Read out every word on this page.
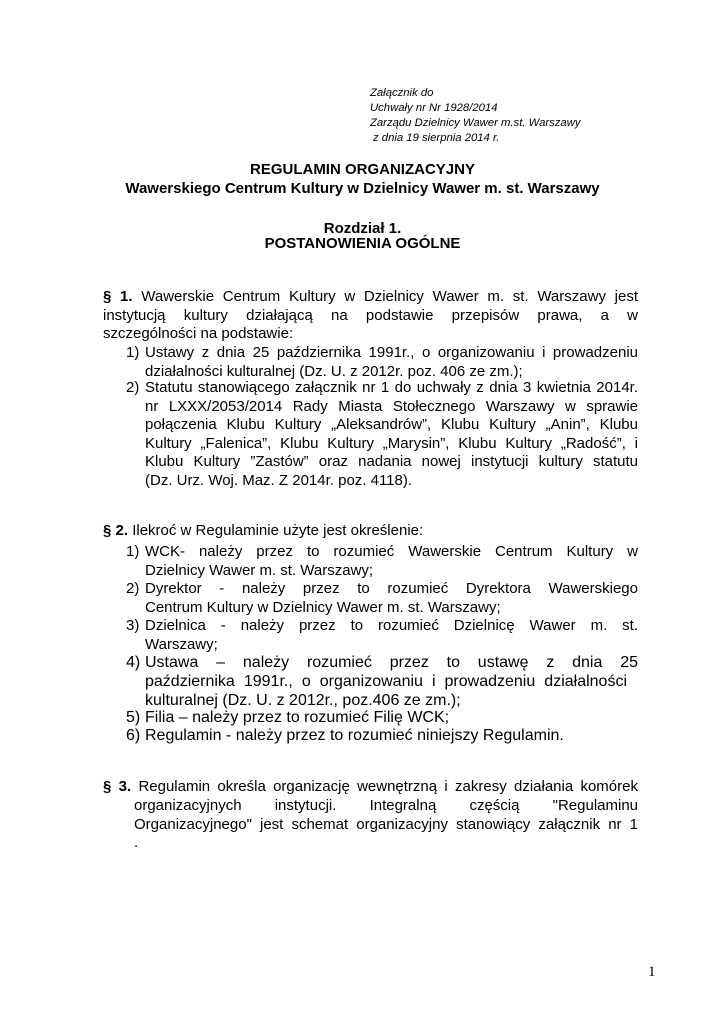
Załącznik do
Uchwały nr Nr 1928/2014
Zarządu Dzielnicy Wawer m.st. Warszawy
z dnia 19 sierpnia 2014 r.
REGULAMIN ORGANIZACYJNY
Wawerskiego Centrum Kultury w Dzielnicy Wawer m. st. Warszawy
Rozdział 1.
POSTANOWIENIA OGÓLNE
§ 1. Wawerskie Centrum Kultury w Dzielnicy Wawer m. st. Warszawy jest
instytucją kultury działającą na podstawie przepisów prawa, a w
szczególności na podstawie:
1) Ustawy z dnia 25 października 1991r., o organizowaniu i prowadzeniu
działalności kulturalnej (Dz. U. z 2012r. poz. 406 ze zm.);
2) Statutu stanowiącego załącznik nr 1 do uchwały z dnia 3 kwietnia 2014r.
nr LXXX/2053/2014 Rady Miasta Stołecznego Warszawy w sprawie
połączenia Klubu Kultury „Aleksandrów”, Klubu Kultury „Anin”, Klubu
Kultury „Falenica”, Klubu Kultury „Marysin”, Klubu Kultury „Radość”, i
Klubu Kultury ”Zastów” oraz nadania nowej instytucji kultury statutu
(Dz. Urz. Woj. Maz. Z 2014r. poz. 4118).
§ 2. Ilekroć w Regulaminie użyte jest określenie:
1) WCK- należy przez to rozumieć Wawerskie Centrum Kultury w
Dzielnicy Wawer m. st. Warszawy;
2) Dyrektor - należy przez to rozumieć Dyrektora Wawerskiego
Centrum Kultury w Dzielnicy Wawer m. st. Warszawy;
3) Dzielnica - należy przez to rozumieć Dzielnicę Wawer m. st.
Warszawy;
4) Ustawa – należy rozumieć przez to ustawę z dnia 25
października 1991r., o organizowaniu i prowadzeniu działalności
kulturalnej (Dz. U. z 2012r., poz.406 ze zm.);
5) Filia – należy przez to rozumieć Filię WCK;
6) Regulamin - należy przez to rozumieć niniejszy Regulamin.
§ 3. Regulamin określa organizację wewnętrzną i zakresy działania komórek
organizacyjnych instytucji. Integralną częścią "Regulaminu
Organizacyjnego" jest schemat organizacyjny stanowiący załącznik nr 1
.
1
